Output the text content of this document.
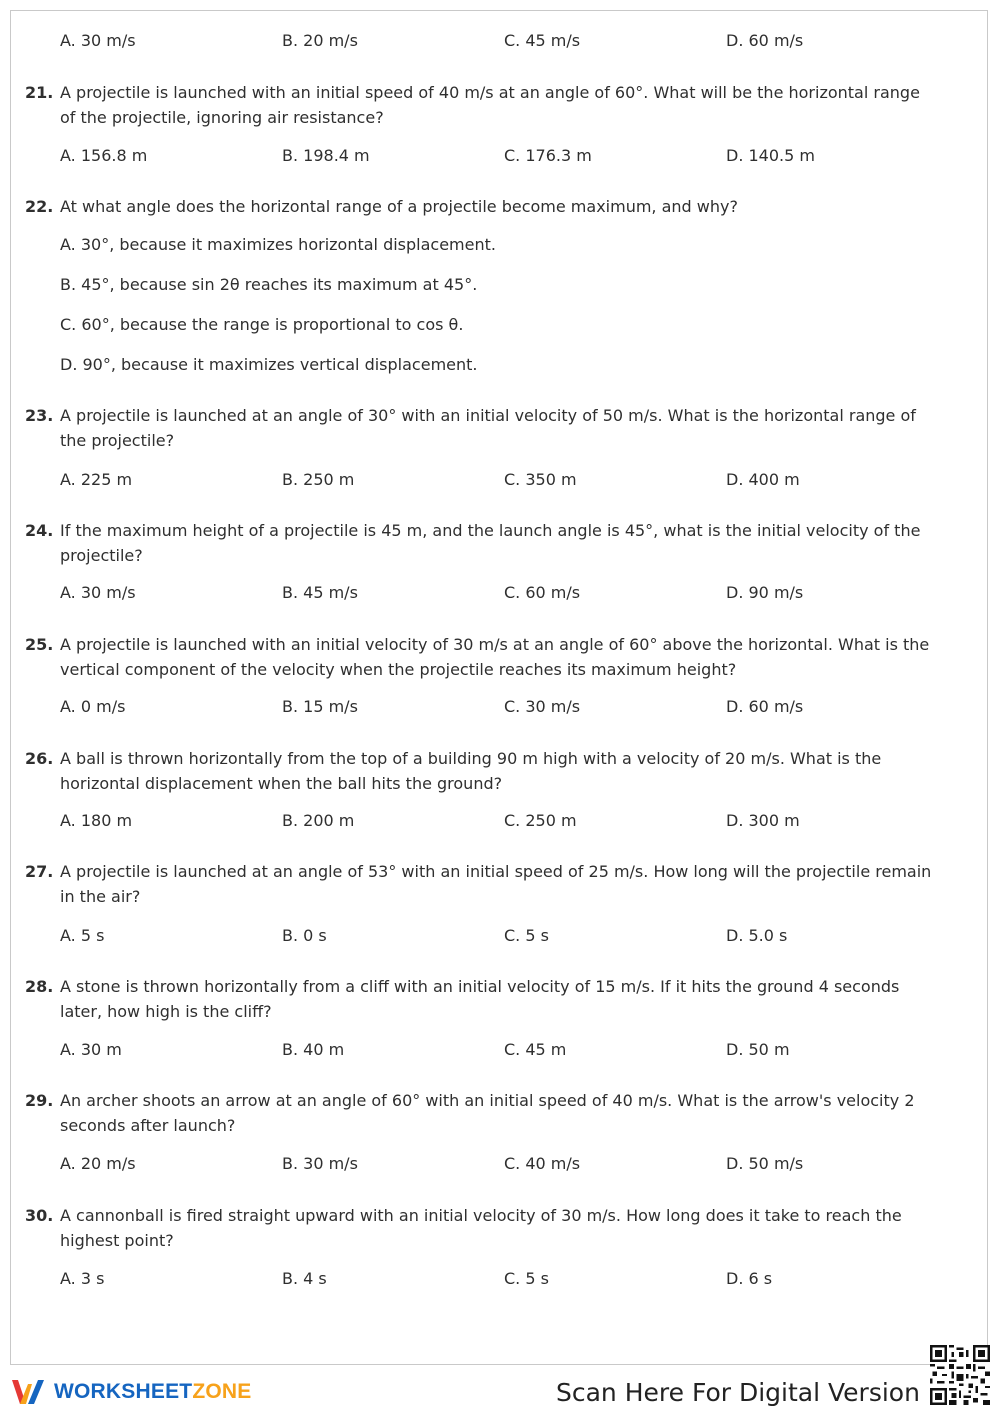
A. 30 m/s	B. 20 m/s	C. 45 m/s	D. 60 m/s
21. A projectile is launched with an initial speed of 40 m/s at an angle of 60°. What will be the horizontal range of the projectile, ignoring air resistance?
A. 156.8 m	B. 198.4 m	C. 176.3 m	D. 140.5 m
22. At what angle does the horizontal range of a projectile become maximum, and why?
A. 30°, because it maximizes horizontal displacement.
B. 45°, because sin 2θ reaches its maximum at 45°.
C. 60°, because the range is proportional to cos θ.
D. 90°, because it maximizes vertical displacement.
23. A projectile is launched at an angle of 30° with an initial velocity of 50 m/s. What is the horizontal range of the projectile?
A. 225 m	B. 250 m	C. 350 m	D. 400 m
24. If the maximum height of a projectile is 45 m, and the launch angle is 45°, what is the initial velocity of the projectile?
A. 30 m/s	B. 45 m/s	C. 60 m/s	D. 90 m/s
25. A projectile is launched with an initial velocity of 30 m/s at an angle of 60° above the horizontal. What is the vertical component of the velocity when the projectile reaches its maximum height?
A. 0 m/s	B. 15 m/s	C. 30 m/s	D. 60 m/s
26. A ball is thrown horizontally from the top of a building 90 m high with a velocity of 20 m/s. What is the horizontal displacement when the ball hits the ground?
A. 180 m	B. 200 m	C. 250 m	D. 300 m
27. A projectile is launched at an angle of 53° with an initial speed of 25 m/s. How long will the projectile remain in the air?
A. 5 s	B. 0 s	C. 5 s	D. 5.0 s
28. A stone is thrown horizontally from a cliff with an initial velocity of 15 m/s. If it hits the ground 4 seconds later, how high is the cliff?
A. 30 m	B. 40 m	C. 45 m	D. 50 m
29. An archer shoots an arrow at an angle of 60° with an initial speed of 40 m/s. What is the arrow's velocity 2 seconds after launch?
A. 20 m/s	B. 30 m/s	C. 40 m/s	D. 50 m/s
30. A cannonball is fired straight upward with an initial velocity of 30 m/s. How long does it take to reach the highest point?
A. 3 s	B. 4 s	C. 5 s	D. 6 s
WORKSHEETZONE	Scan Here For Digital Version
